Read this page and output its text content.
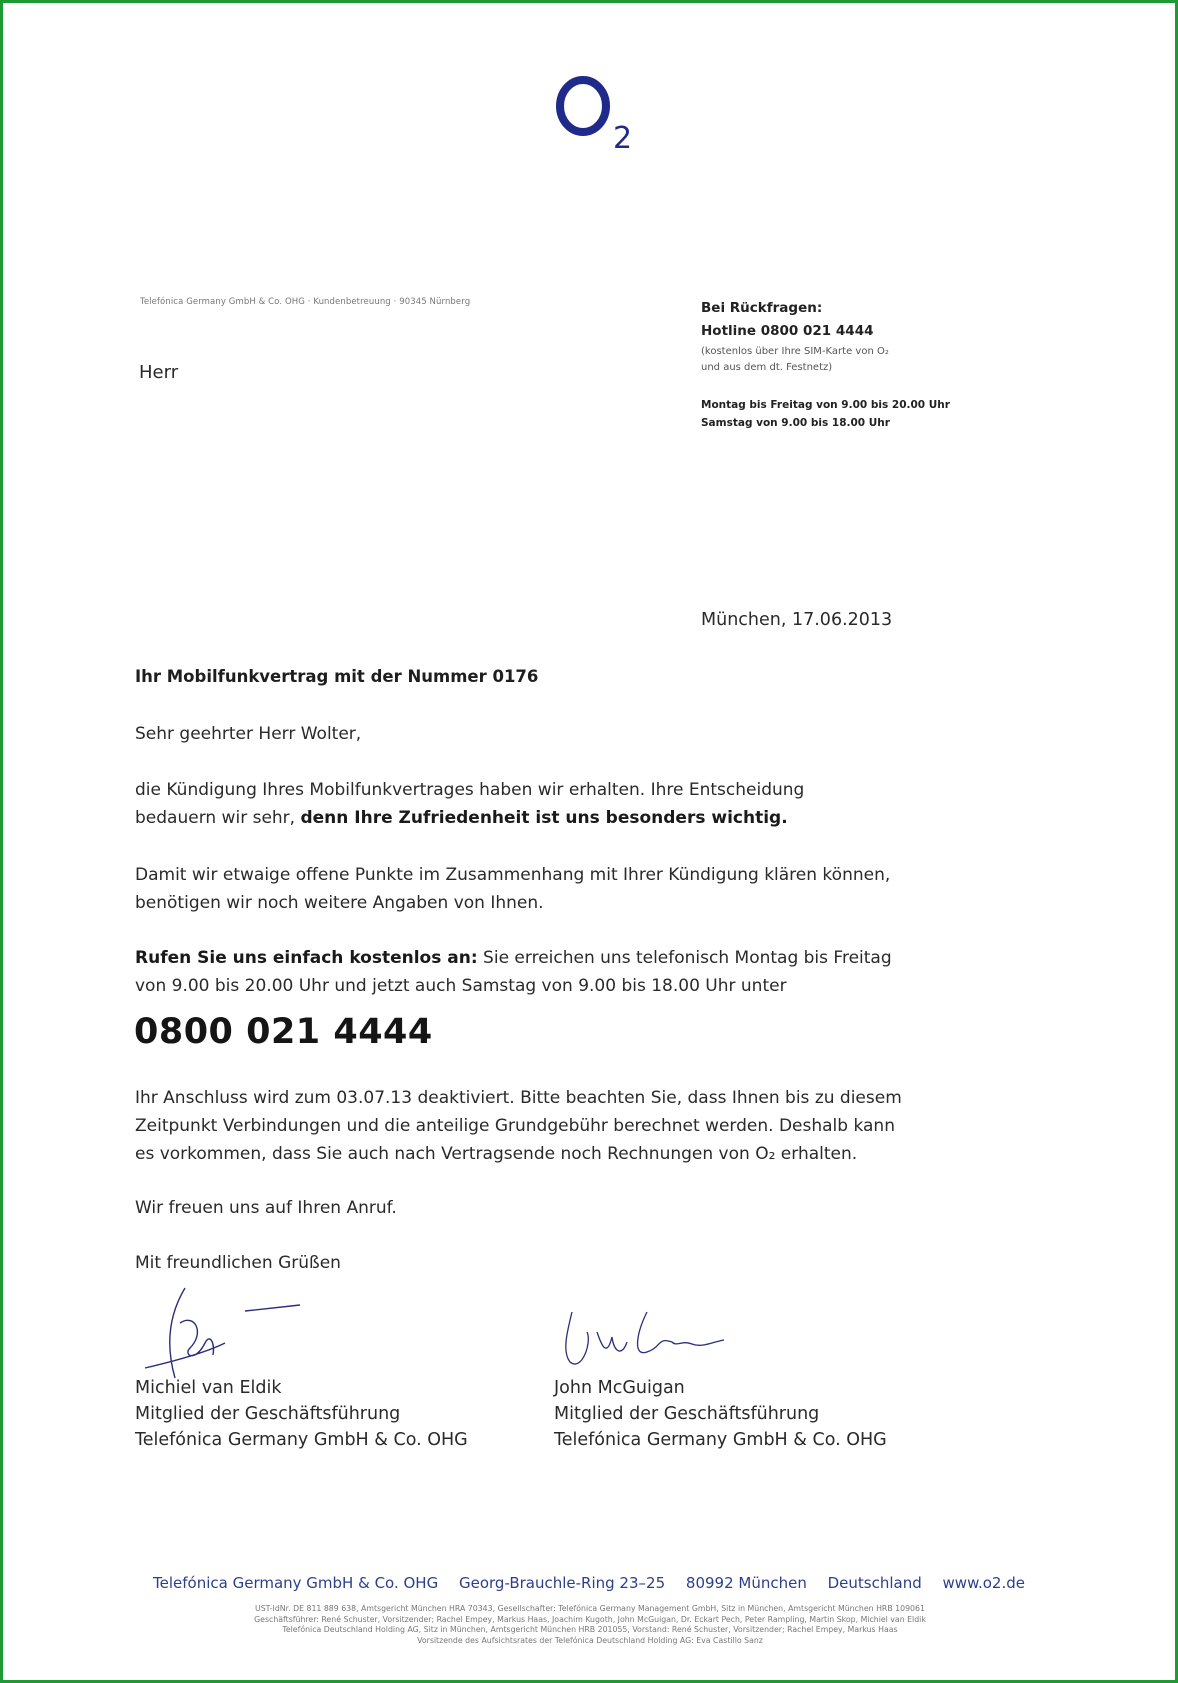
2
Telefónica Germany GmbH & Co. OHG · Kundenbetreuung · 90345 Nürnberg
Herr
Bei Rückfragen:
Hotline 0800 021 4444
(kostenlos über Ihre SIM-Karte von O₂
und aus dem dt. Festnetz)
Montag bis Freitag von 9.00 bis 20.00 Uhr
Samstag von 9.00 bis 18.00 Uhr
München, 17.06.2013
Ihr Mobilfunkvertrag mit der Nummer 0176
Sehr geehrter Herr Wolter,
die Kündigung Ihres Mobilfunkvertrages haben wir erhalten. Ihre Entscheidung
bedauern wir sehr, denn Ihre Zufriedenheit ist uns besonders wichtig.
Damit wir etwaige offene Punkte im Zusammenhang mit Ihrer Kündigung klären können,
benötigen wir noch weitere Angaben von Ihnen.
Rufen Sie uns einfach kostenlos an: Sie erreichen uns telefonisch Montag bis Freitag
von 9.00 bis 20.00 Uhr und jetzt auch Samstag von 9.00 bis 18.00 Uhr unter
0800 021 4444
Ihr Anschluss wird zum 03.07.13 deaktiviert. Bitte beachten Sie, dass Ihnen bis zu diesem
Zeitpunkt Verbindungen und die anteilige Grundgebühr berechnet werden. Deshalb kann
es vorkommen, dass Sie auch nach Vertragsende noch Rechnungen von O₂ erhalten.
Wir freuen uns auf Ihren Anruf.
Mit freundlichen Grüßen
Michiel van Eldik
Mitglied der Geschäftsführung
Telefónica Germany GmbH & Co. OHG
John McGuigan
Mitglied der Geschäftsführung
Telefónica Germany GmbH & Co. OHG
Telefónica Germany GmbH & Co. OHG Georg-Brauchle-Ring 23–25 80992 München Deutschland www.o2.de
UST-IdNr. DE 811 889 638, Amtsgericht München HRA 70343, Gesellschafter: Telefónica Germany Management GmbH, Sitz in München, Amtsgericht München HRB 109061
Geschäftsführer: René Schuster, Vorsitzender; Rachel Empey, Markus Haas, Joachim Kugoth, John McGuigan, Dr. Eckart Pech, Peter Rampling, Martin Skop, Michiel van Eldik
Telefónica Deutschland Holding AG, Sitz in München, Amtsgericht München HRB 201055, Vorstand: René Schuster, Vorsitzender; Rachel Empey, Markus Haas
Vorsitzende des Aufsichtsrates der Telefónica Deutschland Holding AG: Eva Castillo Sanz
